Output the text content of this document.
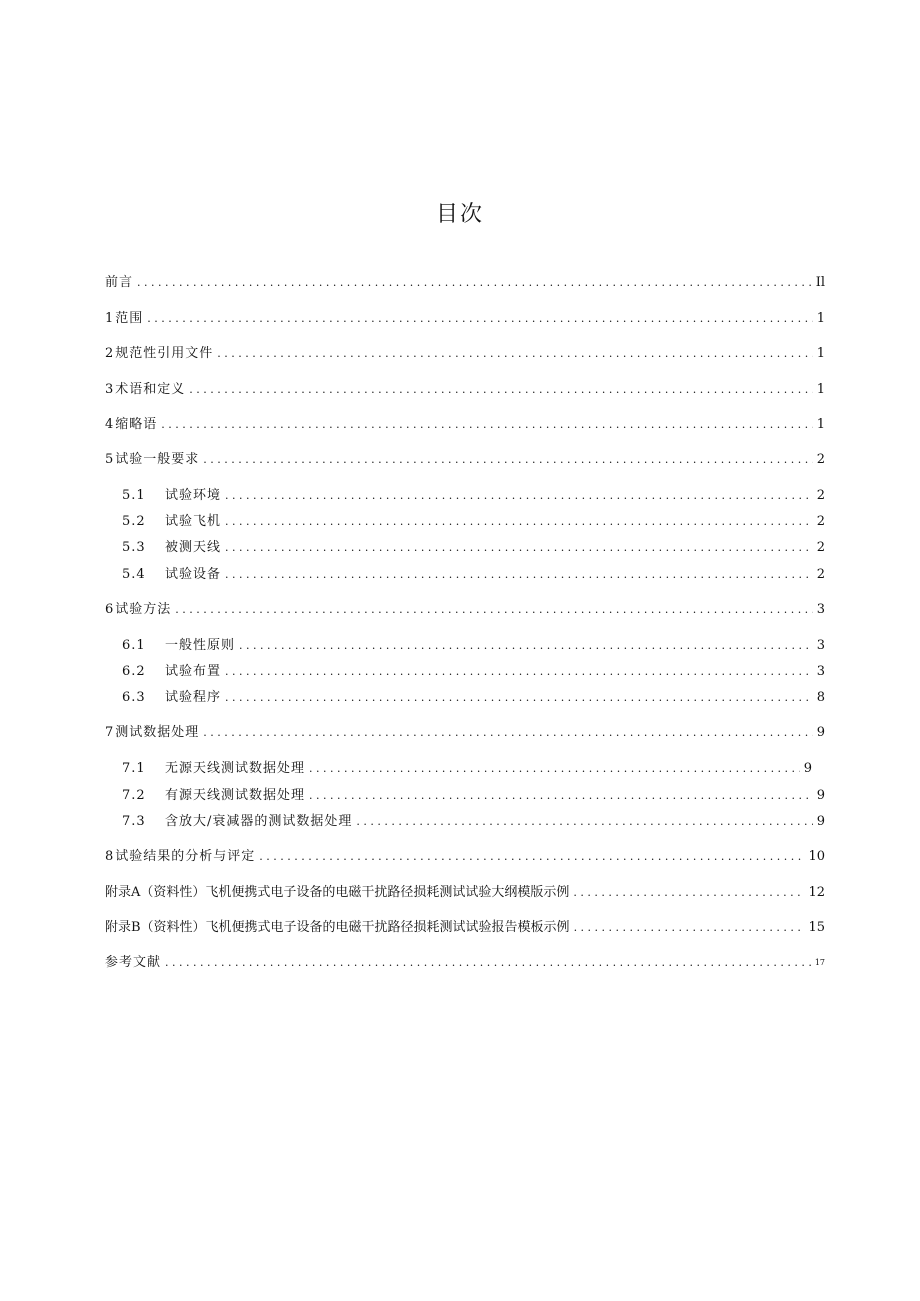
目次
前言 . . .	Il
1 范围 . . .	1
2 规范性引用文件 . . .	1
3 术语和定义 . . .	1
4 缩略语 . . .	1
5 试验一般要求 . . .	2
5.1	试验环境 . . .	2
5.2	试验飞机 . . .	2
5.3	被测天线 . . .	2
5.4	试验设备 . . .	2
6 试验方法 . . .	3
6.1	一般性原则 . . .	3
6.2	试验布置 . . .	3
6.3	试验程序 . . .	8
7 测试数据处理 . . .	9
7.1	无源天线测试数据处理 . . .	9
7.2	有源天线测试数据处理 . . .	9
7.3	含放大/衰减器的测试数据处理 . . .	9
8 试验结果的分析与评定 . . .	10
附录A（资料性）飞机便携式电子设备的电磁干扰路径损耗测试试验大纲模版示例 . . .	12
附录B（资料性）飞机便携式电子设备的电磁干扰路径损耗测试试验报告模板示例 . . .	15
参考文献 . . .	17
